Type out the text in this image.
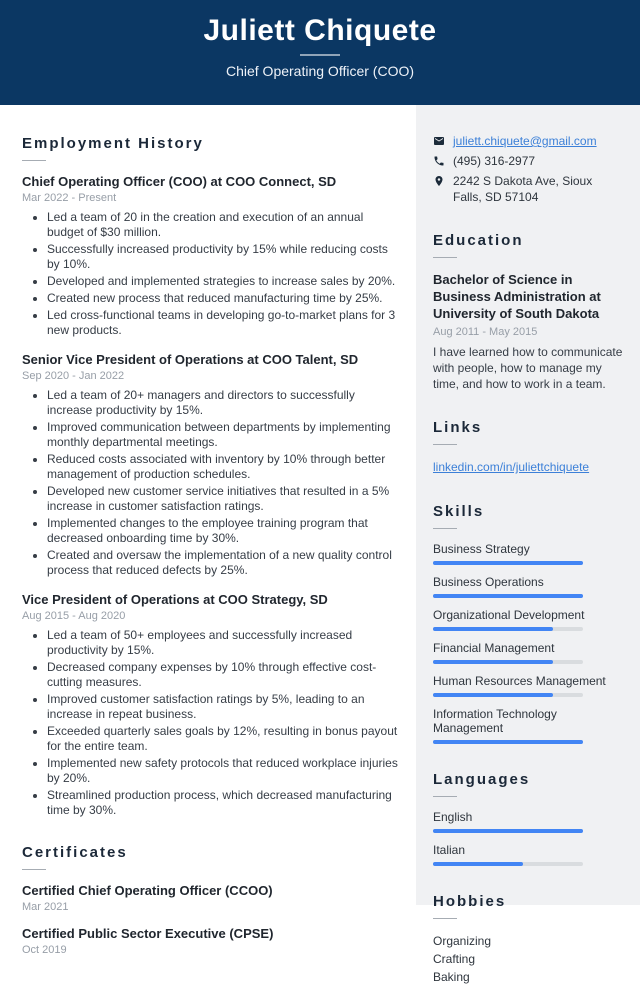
Juliett Chiquete
Chief Operating Officer (COO)
Employment History
Chief Operating Officer (COO) at COO Connect, SD
Mar 2022 - Present
• Led a team of 20 in the creation and execution of an annual budget of $30 million.
• Successfully increased productivity by 15% while reducing costs by 10%.
• Developed and implemented strategies to increase sales by 20%.
• Created new process that reduced manufacturing time by 25%.
• Led cross-functional teams in developing go-to-market plans for 3 new products.
Senior Vice President of Operations at COO Talent, SD
Sep 2020 - Jan 2022
• Led a team of 20+ managers and directors to successfully increase productivity by 15%.
• Improved communication between departments by implementing monthly departmental meetings.
• Reduced costs associated with inventory by 10% through better management of production schedules.
• Developed new customer service initiatives that resulted in a 5% increase in customer satisfaction ratings.
• Implemented changes to the employee training program that decreased onboarding time by 30%.
• Created and oversaw the implementation of a new quality control process that reduced defects by 25%.
Vice President of Operations at COO Strategy, SD
Aug 2015 - Aug 2020
• Led a team of 50+ employees and successfully increased productivity by 15%.
• Decreased company expenses by 10% through effective cost-cutting measures.
• Improved customer satisfaction ratings by 5%, leading to an increase in repeat business.
• Exceeded quarterly sales goals by 12%, resulting in bonus payout for the entire team.
• Implemented new safety protocols that reduced workplace injuries by 20%.
• Streamlined production process, which decreased manufacturing time by 30%.
Certificates
Certified Chief Operating Officer (CCOO)
Mar 2021
Certified Public Sector Executive (CPSE)
Oct 2019
juliett.chiquete@gmail.com
(495) 316-2977
2242 S Dakota Ave, Sioux Falls, SD 57104
Education

Bachelor of Science in Business Administration at University of South Dakota

Aug 2011 - May 2015

I have learned how to communicate with people, how to manage my time, and how to work in a team.

Links
linkedin.com/in/juliettchiquete
Skills
Business Strategy
Business Operations
Organizational Development
Financial Management
Human Resources Management
Information Technology Management
Languages
English
Italian
Hobbies
Organizing
Crafting
Baking
